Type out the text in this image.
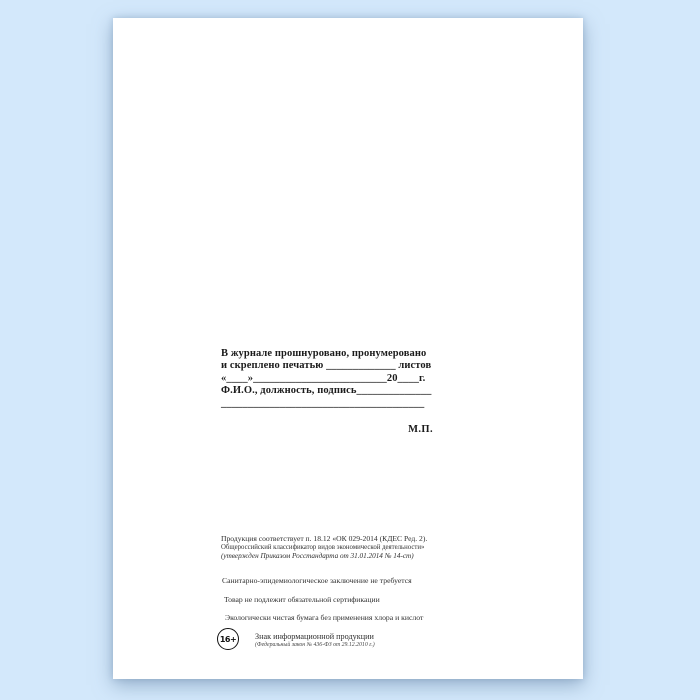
В журнале прошнуровано, пронумеровано
и скреплено печатью _____________ листов
«____»_________________________20____г.
Ф.И.О., должность, подпись______________
______________________________________
М.П.
Продукция соответствует п. 18.12 «ОК 029-2014 (КДЕС Ред. 2).
Общероссийский классификатор видов экономической деятельности»
(утвержден Приказом Росстандарта от 31.01.2014 № 14-ст)
Санитарно-эпидемиологическое заключение не требуется
Товар не подлежит обязательной сертификации
Экологически чистая бумага без применения хлора и кислот
16+	Знак информационной продукции
(Федеральный закон № 436-ФЗ от 29.12.2010 г.)
